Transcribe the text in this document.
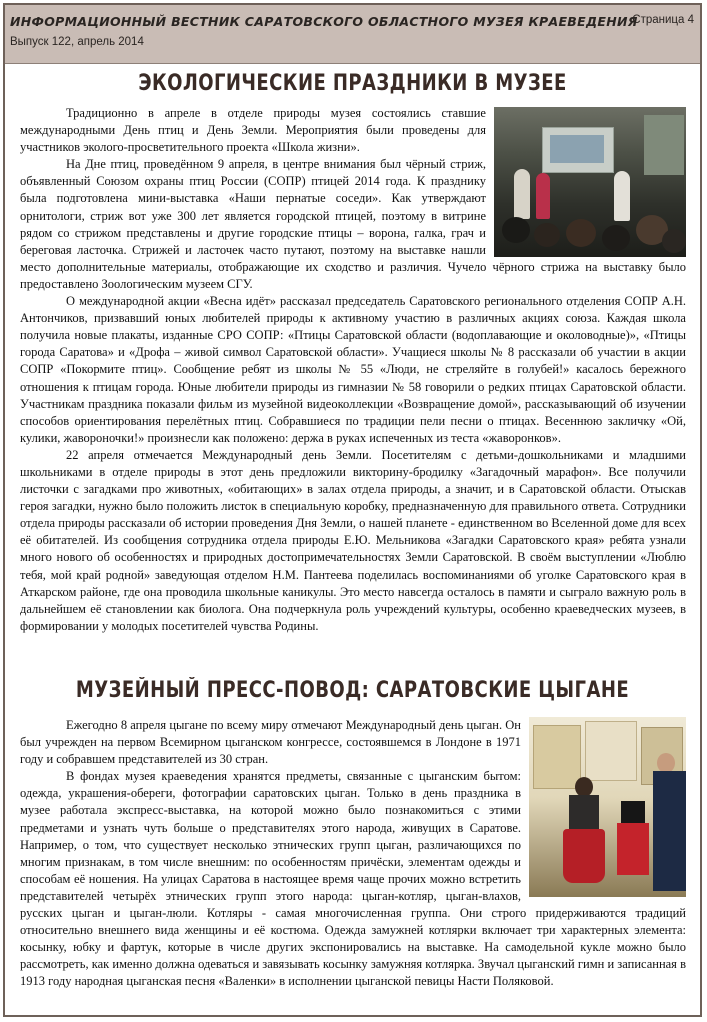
ИНФОРМАЦИОННЫЙ ВЕСТНИК САРАТОВСКОГО ОБЛАСТНОГО МУЗЕЯ КРАЕВЕДЕНИЯ
Выпуск 122, апрель 2014
Страница 4
ЭКОЛОГИЧЕСКИЕ ПРАЗДНИКИ В МУЗЕЕ

Традиционно в апреле в отделе природы музея состоялись ставшие международными День птиц и День Земли. Мероприятия были проведены для участников эколого-просветительного проекта «Школа жизни».

На Дне птиц, проведённом 9 апреля, в центре внимания был чёрный стриж, объявленный Союзом охраны птиц России (СОПР) птицей 2014 года. К празднику была подготовлена мини-выставка «Наши пернатые соседи». Как утверждают орнитологи, стриж вот уже 300 лет является городской птицей, поэтому в витрине рядом со стрижом представлены и другие городские птицы – ворона, галка, грач и береговая ласточка. Стрижей и ласточек часто путают, поэтому на выставке нашли место дополнительные материалы, отображающие их сходство и различия. Чучело чёрного стрижа на выставку было предоставлено Зоологическим музеем СГУ.

О международной акции «Весна идёт» рассказал председатель Саратовского регионального отделения СОПР А.Н. Антончиков, призвавший юных любителей природы к активному участию в различных акциях союза. Каждая школа получила новые плакаты, изданные СРО СОПР: «Птицы Саратовской области (водоплавающие и околоводные)», «Птицы города Саратова» и «Дрофа – живой символ Саратовской области». Учащиеся школы № 8 рассказали об участии в акции СОПР «Покормите птиц». Сообщение ребят из школы № 55 «Люди, не стреляйте в голубей!» касалось бережного отношения к птицам города. Юные любители природы из гимназии № 58 говорили о редких птицах Саратовской области. Участникам праздника показали фильм из музейной видеоколлекции «Возвращение домой», рассказывающий об изучении способов ориентирования перелётных птиц. Собравшиеся по традиции пели песни о птицах. Весеннюю закличку «Ой, кулики, жавороночки!» произнесли как положено: держа в руках испеченных из теста «жаворонков».

22 апреля отмечается Международный день Земли. Посетителям с детьми-дошкольниками и младшими школьниками в отделе природы в этот день предложили викторину-бродилку «Загадочный марафон». Все получили листочки с загадками про животных, «обитающих» в залах отдела природы, а значит, и в Саратовской области. Отыскав героя загадки, нужно было положить листок в специальную коробку, предназначенную для правильного ответа. Сотрудники отдела природы рассказали об истории проведения Дня Земли, о нашей планете - единственном во Вселенной доме для всех её обитателей. Из сообщения сотрудника отдела природы Е.Ю. Мельникова «Загадки Саратовского края» ребята узнали много нового об особенностях и природных достопримечательностях Земли Саратовской. В своём выступлении «Люблю тебя, мой край родной» заведующая отделом Н.М. Пантеева поделилась воспоминаниями об уголке Саратовского края в Аткарском районе, где она проводила школьные каникулы. Это место навсегда осталось в памяти и сыграло важную роль в дальнейшем её становлении как биолога. Она подчеркнула роль учреждений культуры, особенно краеведческих музеев, в формировании у молодых посетителей чувства Родины.

МУЗЕЙНЫЙ ПРЕСС-ПОВОД: САРАТОВСКИЕ ЦЫГАНЕ

Ежегодно 8 апреля цыгане по всему миру отмечают Международный день цыган. Он был учрежден на первом Всемирном цыганском конгрессе, состоявшемся в Лондоне в 1971 году и собравшем представителей из 30 стран.

В фондах музея краеведения хранятся предметы, связанные с цыганским бытом: одежда, украшения-обереги, фотографии саратовских цыган. Только в день праздника в музее работала экспресс-выставка, на которой можно было познакомиться с этими предметами и узнать чуть больше о представителях этого народа, живущих в Саратове. Например, о том, что существует несколько этнических групп цыган, различающихся по многим признакам, в том числе внешним: по особенностям причёски, элементам одежды и способам её ношения. На улицах Саратова в настоящее время чаще прочих можно встретить представителей четырёх этнических групп этого народа: цыган-котляр, цыган-влахов, русских цыган и цыган-люли. Котляры - самая многочисленная группа. Они строго придерживаются традиций относительно внешнего вида женщины и её костюма. Одежда замужней котлярки включает три характерных элемента: косынку, юбку и фартук, которые в числе других экспонировались на выставке. На самодельной кукле можно было рассмотреть, как именно должна одеваться и завязывать косынку замужняя котлярка. Звучал цыганский гимн и записанная в 1913 году народная цыганская песня «Валенки» в исполнении цыганской певицы Насти Поляковой.
